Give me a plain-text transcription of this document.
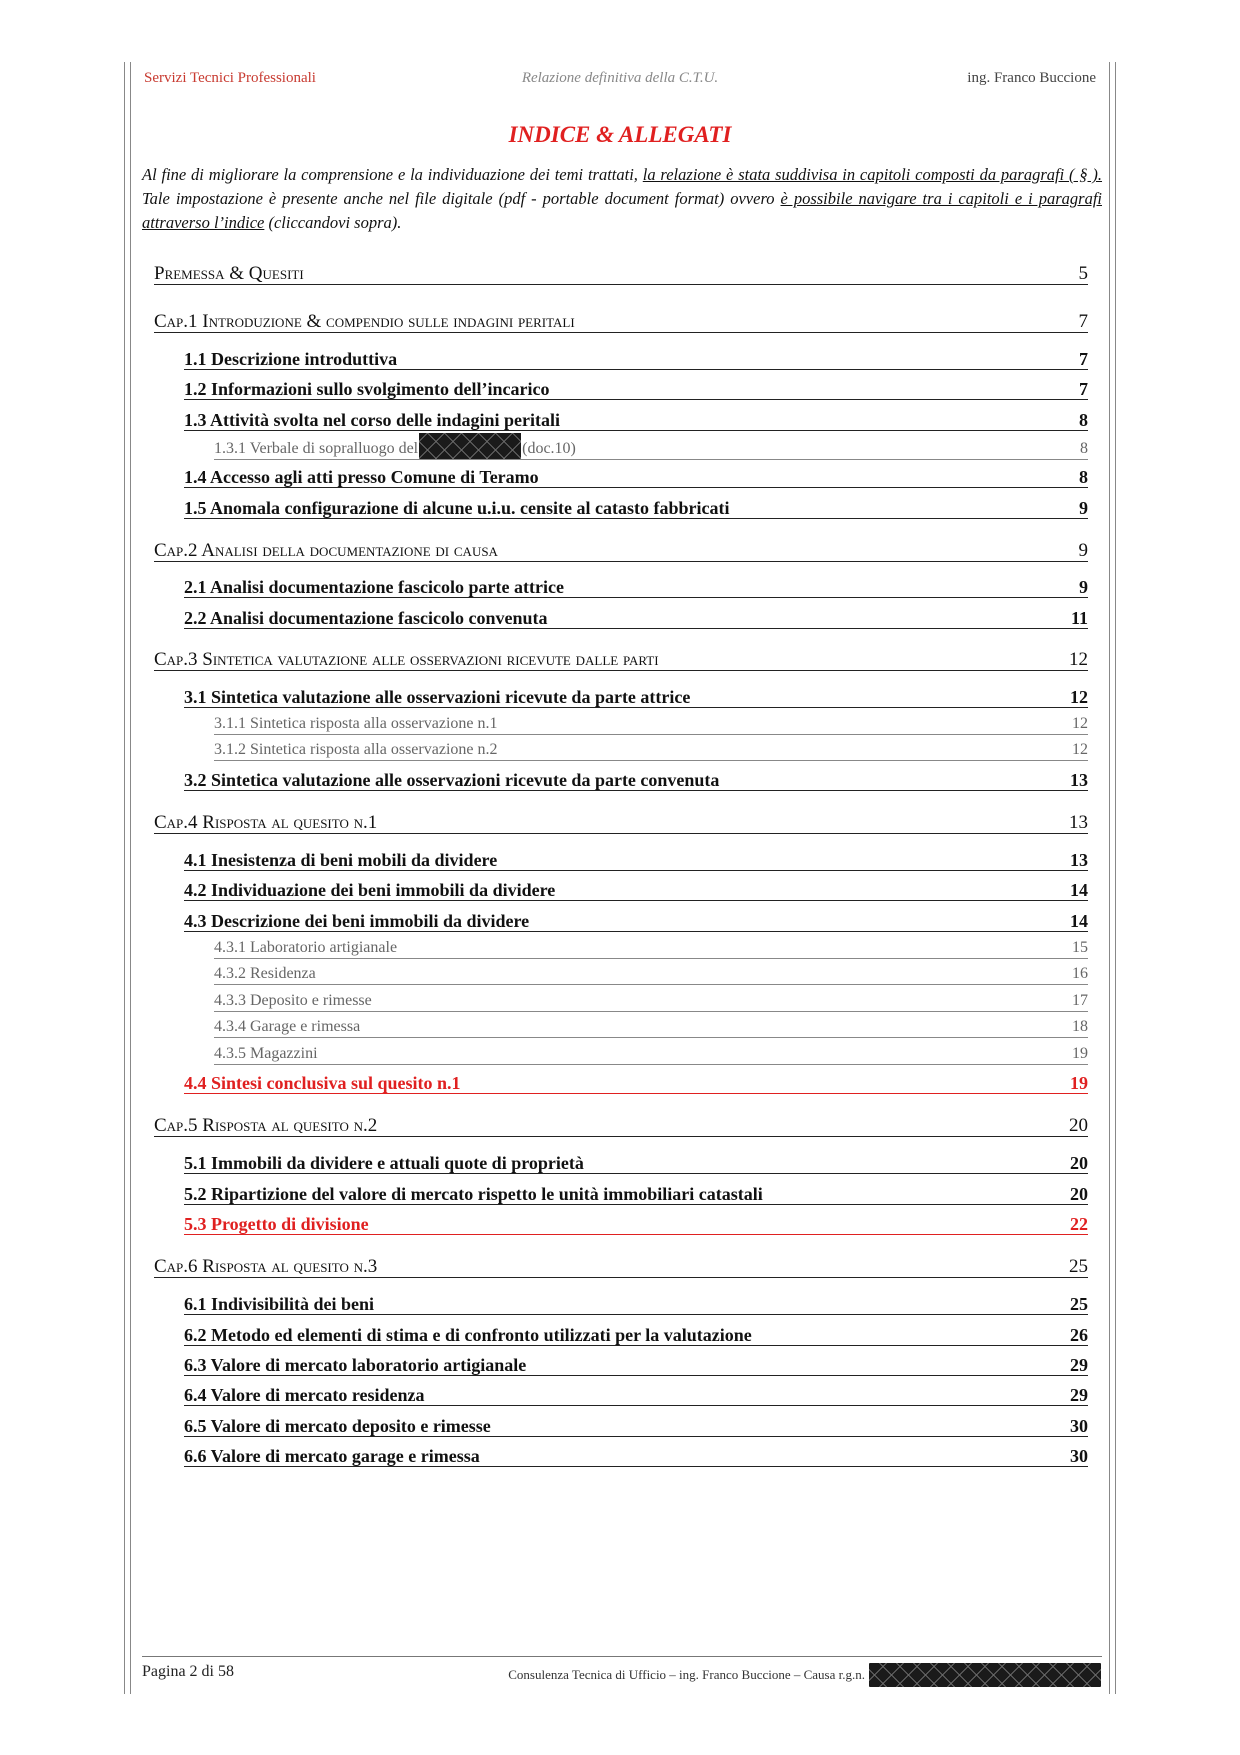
Servizi Tecnici Professionali	Relazione definitiva della C.T.U.	ing. Franco Buccione
INDICE & ALLEGATI
Al fine di migliorare la comprensione e la individuazione dei temi trattati, la relazione è stata suddivisa in capitoli composti da paragrafi ( § ). Tale impostazione è presente anche nel file digitale (pdf - portable document format) ovvero è possibile navigare tra i capitoli e i paragrafi attraverso l’indice (cliccandovi sopra).
Premessa & Quesiti	5
Cap.1 Introduzione & compendio sulle indagini peritali	7
1.1 Descrizione introduttiva	7
1.2 Informazioni sullo svolgimento dell’incarico	7
1.3 Attività svolta nel corso delle indagini peritali	8
1.3.1 Verbale di sopralluogo del	(doc.10)	8
1.4 Accesso agli atti presso Comune di Teramo	8
1.5 Anomala configurazione di alcune u.i.u. censite al catasto fabbricati	9
Cap.2 Analisi della documentazione di causa	9
2.1 Analisi documentazione fascicolo parte attrice	9
2.2 Analisi documentazione fascicolo convenuta	11
Cap.3 Sintetica valutazione alle osservazioni ricevute dalle parti	12
3.1 Sintetica valutazione alle osservazioni ricevute da parte attrice	12
3.1.1 Sintetica risposta alla osservazione n.1	12
3.1.2 Sintetica risposta alla osservazione n.2	12
3.2 Sintetica valutazione alle osservazioni ricevute da parte convenuta	13
Cap.4 Risposta al quesito n.1	13
4.1 Inesistenza di beni mobili da dividere	13
4.2 Individuazione dei beni immobili da dividere	14
4.3 Descrizione dei beni immobili da dividere	14
4.3.1 Laboratorio artigianale	15
4.3.2 Residenza	16
4.3.3 Deposito e rimesse	17
4.3.4 Garage e rimessa	18
4.3.5 Magazzini	19
4.4 Sintesi conclusiva sul quesito n.1	19
Cap.5 Risposta al quesito n.2	20
5.1 Immobili da dividere e attuali quote di proprietà	20
5.2 Ripartizione del valore di mercato rispetto le unità immobiliari catastali	20
5.3 Progetto di divisione	22
Cap.6 Risposta al quesito n.3	25
6.1 Indivisibilità dei beni	25
6.2 Metodo ed elementi di stima e di confronto utilizzati per la valutazione	26
6.3 Valore di mercato laboratorio artigianale	29
6.4 Valore di mercato residenza	29
6.5 Valore di mercato deposito e rimesse	30
6.6 Valore di mercato garage e rimessa	30
Pagina 2 di 58	Consulenza Tecnica di Ufficio – ing. Franco Buccione – Causa r.g.n.
